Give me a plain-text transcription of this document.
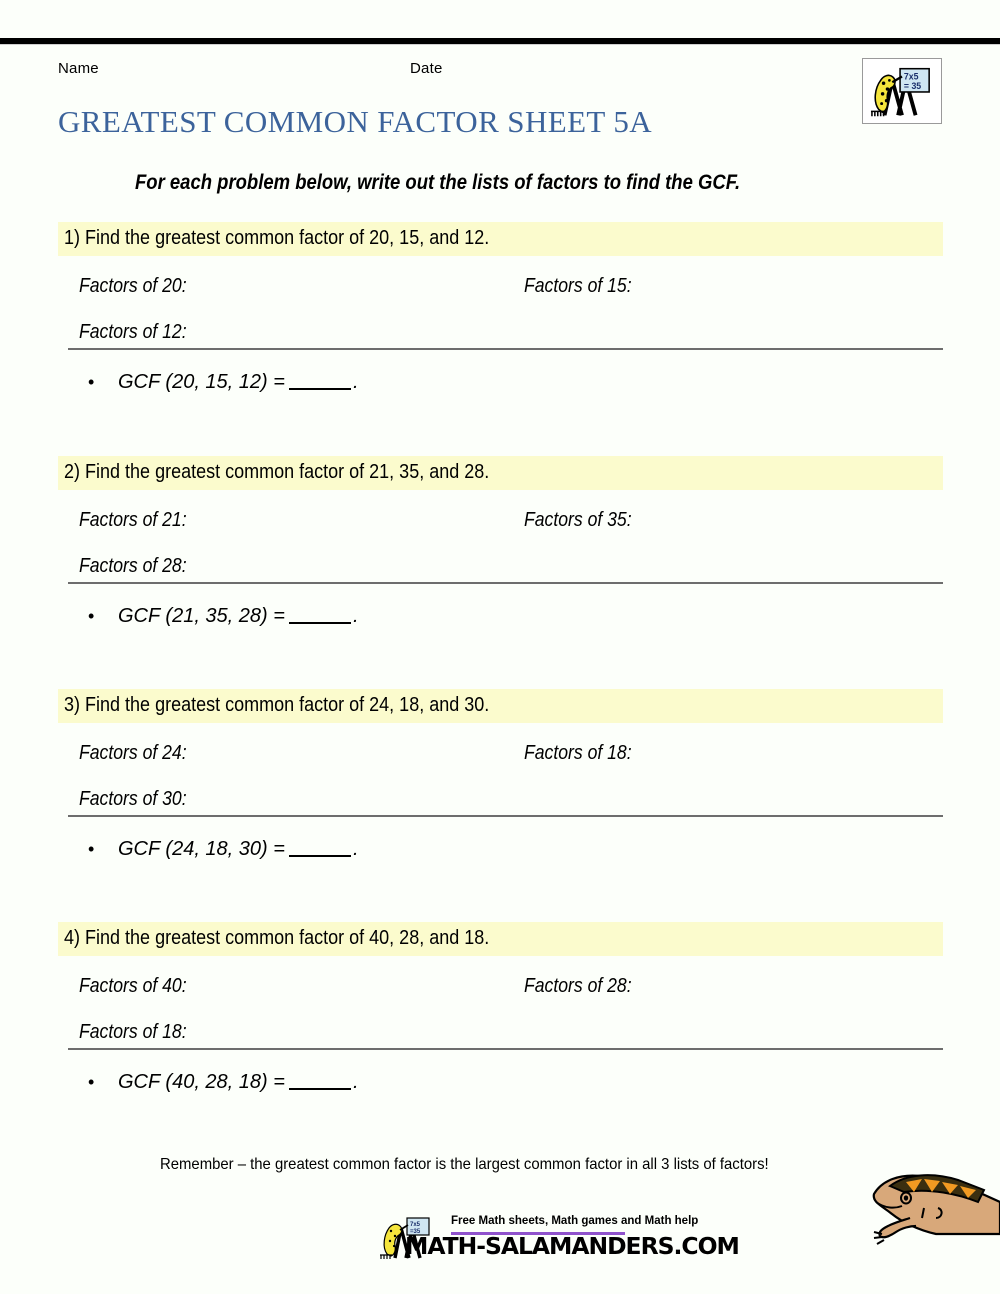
Name	Date	7x5
= 35
GREATEST COMMON FACTOR SHEET 5A
For each problem below, write out the lists of factors to find the GCF.
1) Find the greatest common factor of 20, 15, and 12.
Factors of 20:	Factors of 15:
Factors of 12:
• GCF (20, 15, 12) =	.
2) Find the greatest common factor of 21, 35, and 28.
Factors of 21:	Factors of 35:
Factors of 28:
• GCF (21, 35, 28) =	.
3) Find the greatest common factor of 24, 18, and 30.
Factors of 24:	Factors of 18:
Factors of 30:
• GCF (24, 18, 30) =	.
4) Find the greatest common factor of 40, 28, and 18.
Factors of 40:	Factors of 28:
Factors of 18:
• GCF (40, 28, 18) =	.
Remember – the greatest common factor is the largest common factor in all 3 lists of factors!
7x5
=35
Free Math sheets, Math games and Math help
MATH-SALAMANDERS.COM
